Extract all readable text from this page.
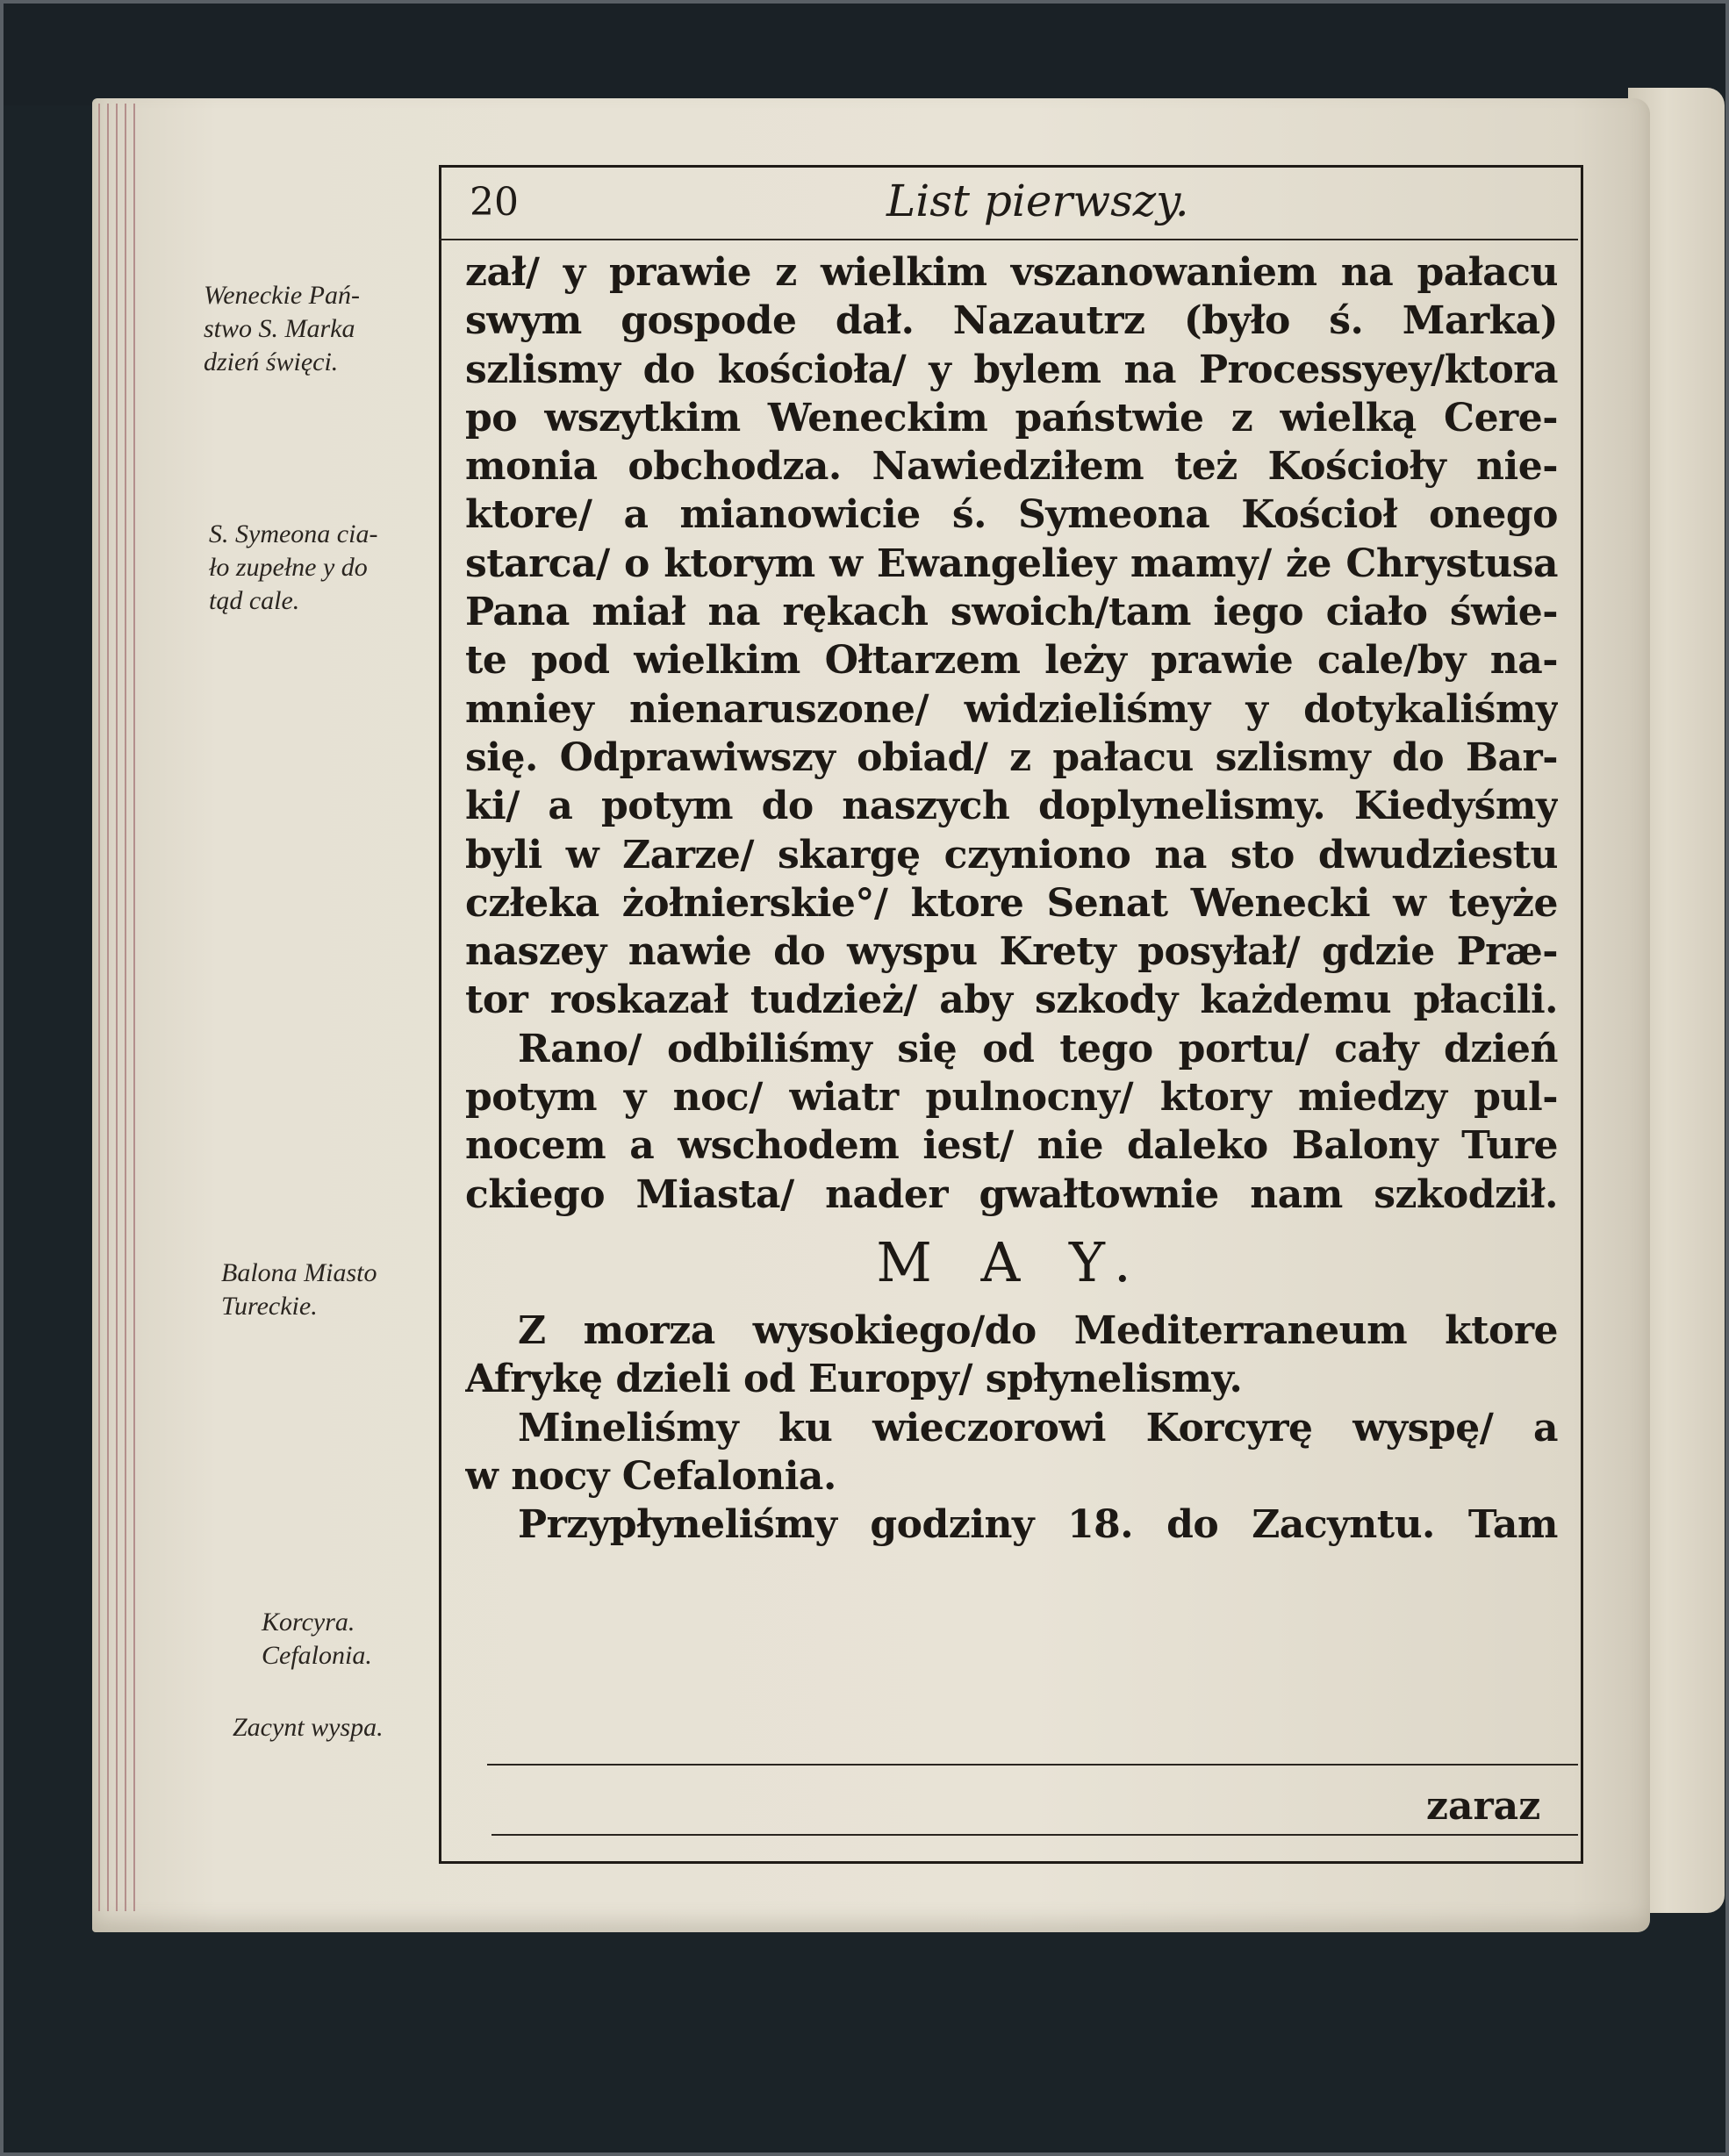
20	List pierwszy.
Weneckie Pań-
stwo S. Marka
dzień święci.
S. Symeona cia-
ło zupełne y do
tąd cale.
Balona Miasto
Tureckie.
Korcyra.
Cefalonia.
Zacynt wyspa.
zał/ y prawie z wielkim vszanowaniem na pałacu
swym gospode dał. Nazautrz (było ś. Marka)
szlismy do kościoła/ y bylem na Processyey/ktora
po wszytkim Weneckim państwie z wielką Cere-
monia obchodza. Nawiedziłem też Kościoły nie-
ktore/ a mianowicie ś. Symeona Kościoł onego
starca/ o ktorym w Ewangeliey mamy/ że Chrystusa
Pana miał na rękach swoich/tam iego ciało świe-
te pod wielkim Ołtarzem leży prawie cale/by na-
mniey nienaruszone/ widzieliśmy y dotykaliśmy
się. Odprawiwszy obiad/ z pałacu szlismy do Bar-
ki/ a potym do naszych doplynelismy. Kiedyśmy
byli w Zarze/ skargę czyniono na sto dwudziestu
człeka żołnierskie°/ ktore Senat Wenecki w teyże
naszey nawie do wyspu Krety posyłał/ gdzie Præ-
tor roskazał tudzież/ aby szkody każdemu płacili.
Rano/ odbiliśmy się od tego portu/ cały dzień
potym y noc/ wiatr pulnocny/ ktory miedzy pul-
nocem a wschodem iest/ nie daleko Balony Ture
ckiego Miasta/ nader gwałtownie nam szkodził.
M A Y.
Z morza wysokiego/do Mediterraneum ktore
Afrykę dzieli od Europy/ spłynelismy.
Mineliśmy ku wieczorowi Korcyrę wyspę/ a
w nocy Cefalonia.
Przypłyneliśmy godziny 18. do Zacyntu. Tam
zaraz
